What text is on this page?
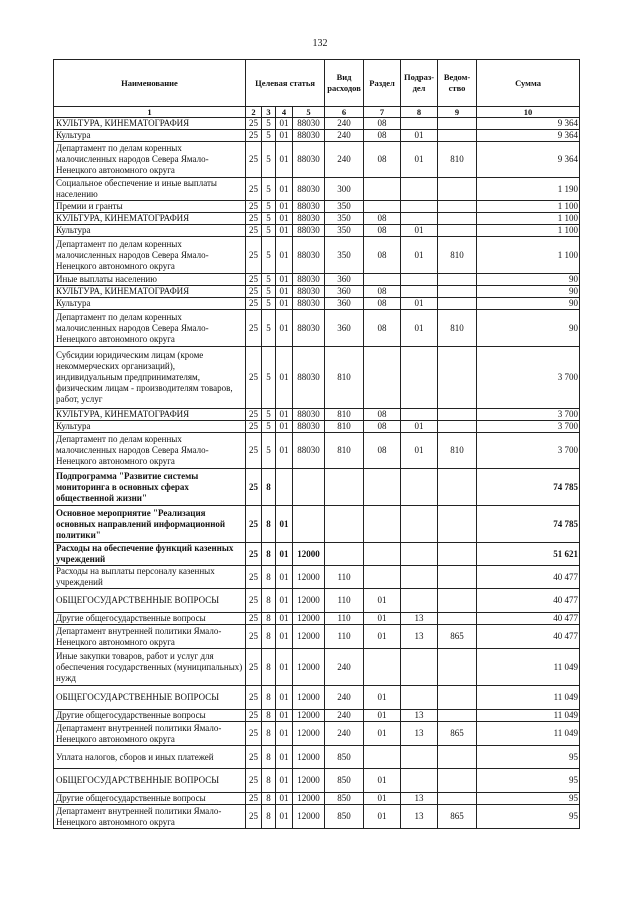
132
Наименование	Целевая статья				Вид расходов	Раздел	Подраз-дел	Ведом-ство	Сумма
1	2	3	4	5	6	7	8	9	10
КУЛЬТУРА, КИНЕМАТОГРАФИЯ	25	5	01	88030	240	08			9 364
Культура	25	5	01	88030	240	08	01		9 364
Департамент по делам коренных малочисленных народов Севера Ямало-Ненецкого автономного округа	25	5	01	88030	240	08	01	810	9 364
Социальное обеспечение и иные выплаты населению	25	5	01	88030	300				1 190
Премии и гранты	25	5	01	88030	350				1 100
КУЛЬТУРА, КИНЕМАТОГРАФИЯ	25	5	01	88030	350	08			1 100
Культура	25	5	01	88030	350	08	01		1 100
Департамент по делам коренных малочисленных народов Севера Ямало-Ненецкого автономного округа	25	5	01	88030	350	08	01	810	1 100
Иные выплаты населению	25	5	01	88030	360				90
КУЛЬТУРА, КИНЕМАТОГРАФИЯ	25	5	01	88030	360	08			90
Культура	25	5	01	88030	360	08	01		90
Департамент по делам коренных малочисленных народов Севера Ямало-Ненецкого автономного округа	25	5	01	88030	360	08	01	810	90
Субсидии юридическим лицам (кроме некоммерческих организаций), индивидуальным предпринимателям, физическим лицам - производителям товаров, работ, услуг	25	5	01	88030	810				3 700
КУЛЬТУРА, КИНЕМАТОГРАФИЯ	25	5	01	88030	810	08			3 700
Культура	25	5	01	88030	810	08	01		3 700
Департамент по делам коренных малочисленных народов Севера Ямало-Ненецкого автономного округа	25	5	01	88030	810	08	01	810	3 700
Подпрограмма "Развитие системы мониторинга в основных сферах общественной жизни"	25	8							74 785
Основное мероприятие "Реализация основных направлений информационной политики"	25	8	01						74 785
Расходы на обеспечение функций казенных учреждений	25	8	01	12000					51 621
Расходы на выплаты персоналу казенных учреждений	25	8	01	12000	110				40 477
ОБЩЕГОСУДАРСТВЕННЫЕ ВОПРОСЫ	25	8	01	12000	110	01			40 477
Другие общегосударственные вопросы	25	8	01	12000	110	01	13		40 477
Департамент внутренней политики Ямало-Ненецкого автономного округа	25	8	01	12000	110	01	13	865	40 477
Иные закупки товаров, работ и услуг для обеспечения государственных (муниципальных) нужд	25	8	01	12000	240				11 049
ОБЩЕГОСУДАРСТВЕННЫЕ ВОПРОСЫ	25	8	01	12000	240	01			11 049
Другие общегосударственные вопросы	25	8	01	12000	240	01	13		11 049
Департамент внутренней политики Ямало-Ненецкого автономного округа	25	8	01	12000	240	01	13	865	11 049
Уплата налогов, сборов и иных платежей	25	8	01	12000	850				95
ОБЩЕГОСУДАРСТВЕННЫЕ ВОПРОСЫ	25	8	01	12000	850	01			95
Другие общегосударственные вопросы	25	8	01	12000	850	01	13		95
Департамент внутренней политики Ямало-Ненецкого автономного округа	25	8	01	12000	850	01	13	865	95
